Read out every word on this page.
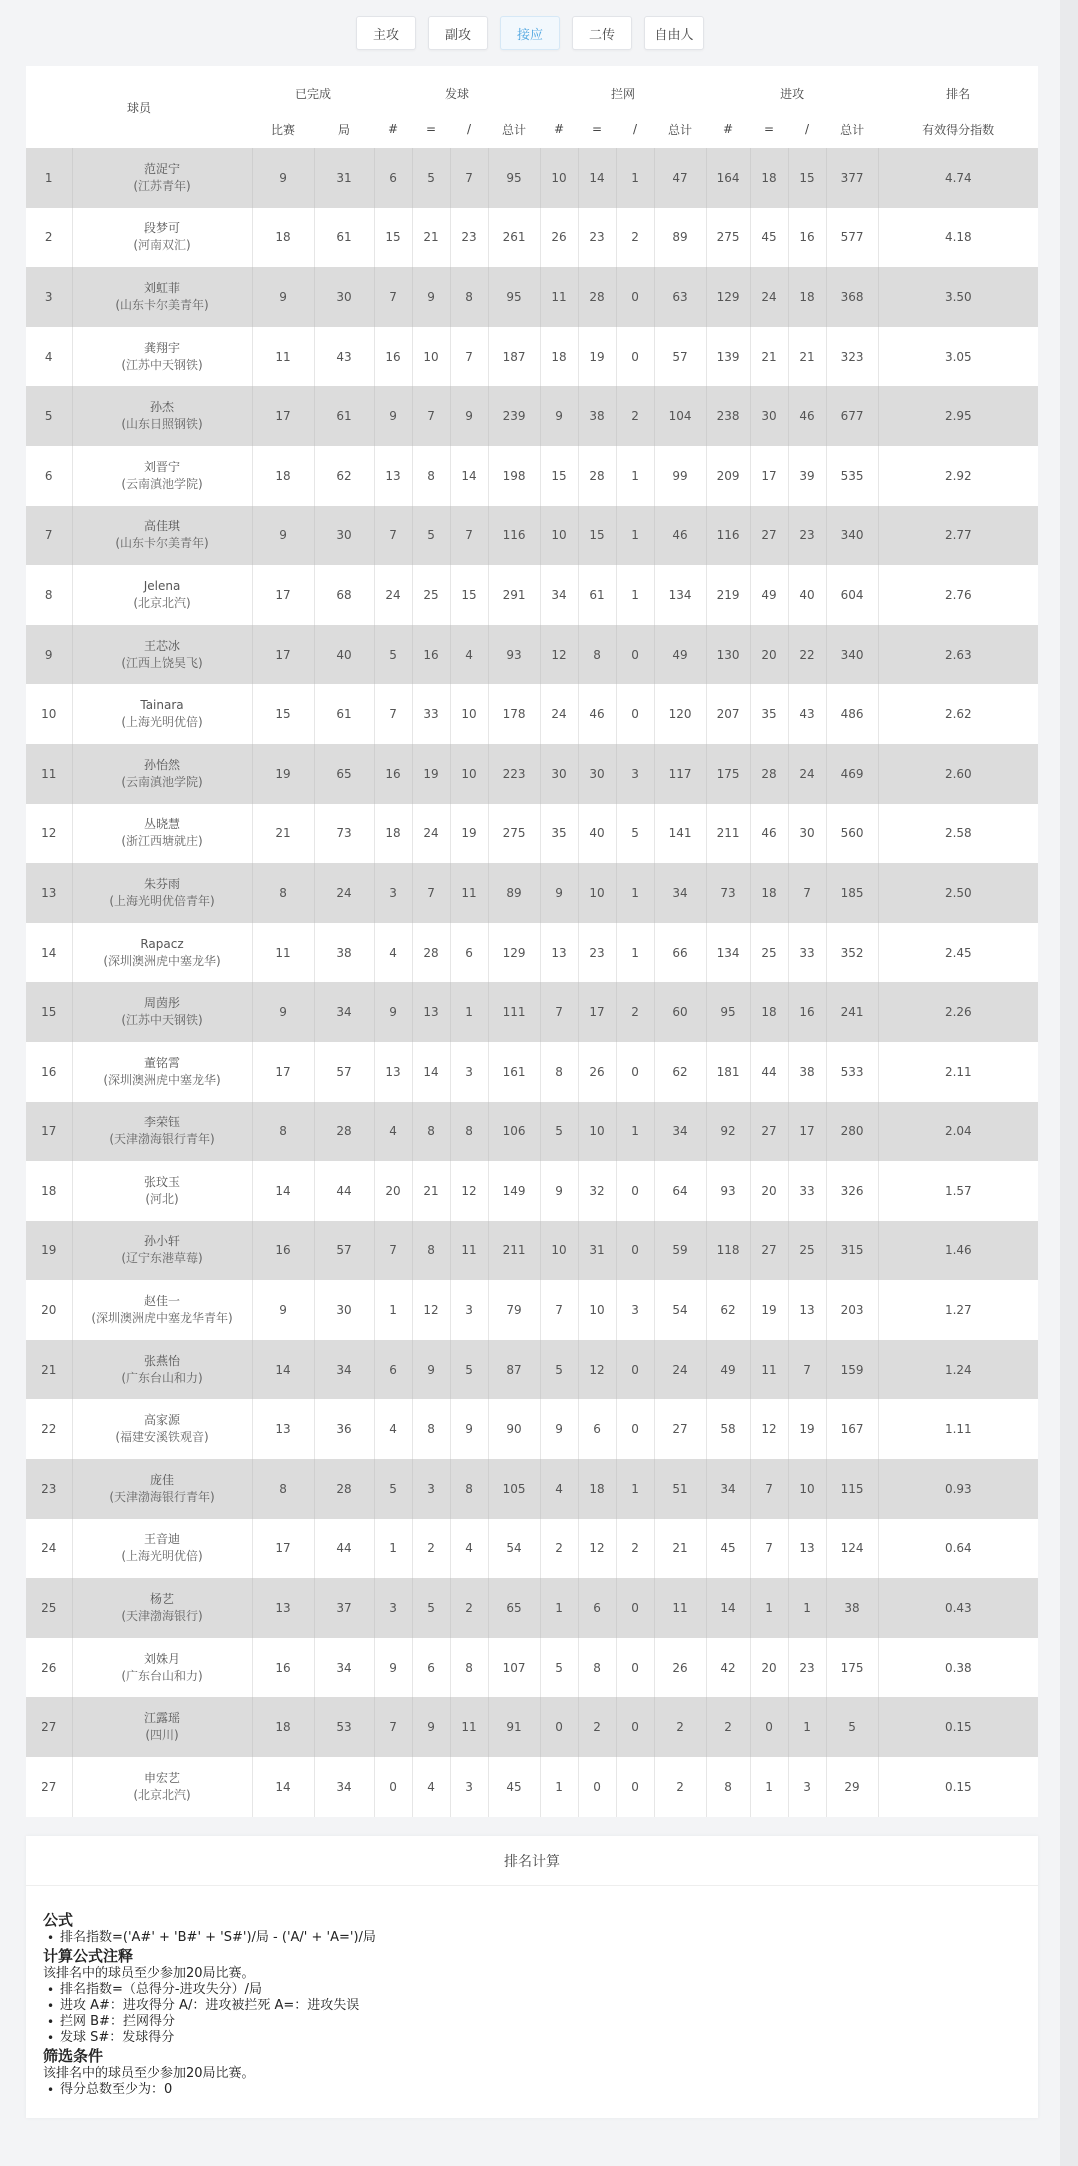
主攻	副攻	接应	二传	自由人
球员		已完成		发球				拦网				进攻				排名
		比赛	局	#	=	/	总计	#	=	/	总计	#	=	/	总计	有效得分指数
1	范浞宁
(江苏青年)	9	31	6	5	7	95	10	14	1	47	164	18	15	377	4.74
2	段梦可
(河南双汇)	18	61	15	21	23	261	26	23	2	89	275	45	16	577	4.18
3	刘虹菲
(山东卡尔美青年)	9	30	7	9	8	95	11	28	0	63	129	24	18	368	3.50
4	龚翔宇
(江苏中天钢铁)	11	43	16	10	7	187	18	19	0	57	139	21	21	323	3.05
5	孙杰
(山东日照钢铁)	17	61	9	7	9	239	9	38	2	104	238	30	46	677	2.95
6	刘晋宁
(云南滇池学院)	18	62	13	8	14	198	15	28	1	99	209	17	39	535	2.92
7	高佳琪
(山东卡尔美青年)	9	30	7	5	7	116	10	15	1	46	116	27	23	340	2.77
8	Jelena
(北京北汽)	17	68	24	25	15	291	34	61	1	134	219	49	40	604	2.76
9	王芯冰
(江西上饶昊飞)	17	40	5	16	4	93	12	8	0	49	130	20	22	340	2.63
10	Tainara
(上海光明优倍)	15	61	7	33	10	178	24	46	0	120	207	35	43	486	2.62
11	孙怡然
(云南滇池学院)	19	65	16	19	10	223	30	30	3	117	175	28	24	469	2.60
12	丛晓慧
(浙江西塘就庄)	21	73	18	24	19	275	35	40	5	141	211	46	30	560	2.58
13	朱芬雨
(上海光明优倍青年)	8	24	3	7	11	89	9	10	1	34	73	18	7	185	2.50
14	Rapacz
(深圳澳洲虎中塞龙华)	11	38	4	28	6	129	13	23	1	66	134	25	33	352	2.45
15	周茵彤
(江苏中天钢铁)	9	34	9	13	1	111	7	17	2	60	95	18	16	241	2.26
16	董铭霄
(深圳澳洲虎中塞龙华)	17	57	13	14	3	161	8	26	0	62	181	44	38	533	2.11
17	李荣钰
(天津渤海银行青年)	8	28	4	8	8	106	5	10	1	34	92	27	17	280	2.04
18	张玟玉
(河北)	14	44	20	21	12	149	9	32	0	64	93	20	33	326	1.57
19	孙小轩
(辽宁东港草莓)	16	57	7	8	11	211	10	31	0	59	118	27	25	315	1.46
20	赵佳一
(深圳澳洲虎中塞龙华青年)	9	30	1	12	3	79	7	10	3	54	62	19	13	203	1.27
21	张燕怡
(广东台山和力)	14	34	6	9	5	87	5	12	0	24	49	11	7	159	1.24
22	高家源
(福建安溪铁观音)	13	36	4	8	9	90	9	6	0	27	58	12	19	167	1.11
23	庞佳
(天津渤海银行青年)	8	28	5	3	8	105	4	18	1	51	34	7	10	115	0.93
24	王音迪
(上海光明优倍)	17	44	1	2	4	54	2	12	2	21	45	7	13	124	0.64
25	杨艺
(天津渤海银行)	13	37	3	5	2	65	1	6	0	11	14	1	1	38	0.43
26	刘姝月
(广东台山和力)	16	34	9	6	8	107	5	8	0	26	42	20	23	175	0.38
27	江露瑶
(四川)	18	53	7	9	11	91	0	2	0	2	2	0	1	5	0.15
27	申宏艺
(北京北汽)	14	34	0	4	3	45	1	0	0	2	8	1	3	29	0.15
排名计算
公式
• 排名指数=('A#' + 'B#' + 'S#')/局 - ('A/' + 'A=')/局
计算公式注释

该排名中的球员至少参加20局比赛。

• 排名指数=（总得分-进攻失分）/局
• 进攻 A#：进攻得分 A/：进攻被拦死 A=：进攻失误
• 拦网 B#：拦网得分
• 发球 S#：发球得分
筛选条件

该排名中的球员至少参加20局比赛。

• 得分总数至少为：0
